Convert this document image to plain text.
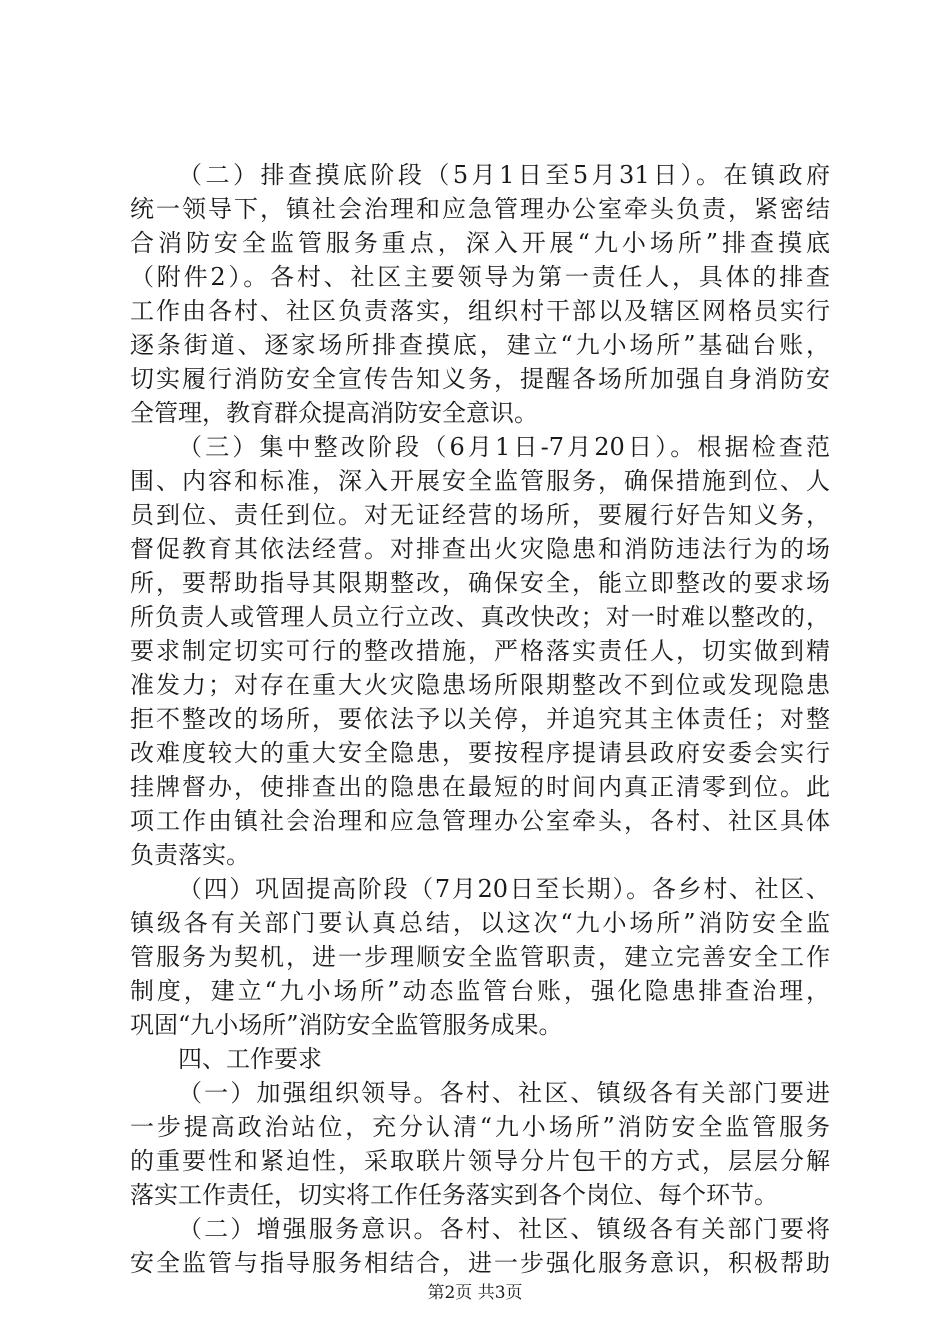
（二）排查摸底阶段（5月1日至5月31日）。在镇政府
统一领导下，镇社会治理和应急管理办公室牵头负责，紧密结
合消防安全监管服务重点，深入开展“九小场所”排查摸底
（附件2）。各村、社区主要领导为第一责任人，具体的排查
工作由各村、社区负责落实，组织村干部以及辖区网格员实行
逐条街道、逐家场所排查摸底，建立“九小场所”基础台账，
切实履行消防安全宣传告知义务，提醒各场所加强自身消防安
全管理，教育群众提高消防安全意识。
（三）集中整改阶段（6月1日-7月20日）。根据检查范
围、内容和标准，深入开展安全监管服务，确保措施到位、人
员到位、责任到位。对无证经营的场所，要履行好告知义务，
督促教育其依法经营。对排查出火灾隐患和消防违法行为的场
所，要帮助指导其限期整改，确保安全，能立即整改的要求场
所负责人或管理人员立行立改、真改快改；对一时难以整改的，
要求制定切实可行的整改措施，严格落实责任人，切实做到精
准发力；对存在重大火灾隐患场所限期整改不到位或发现隐患
拒不整改的场所，要依法予以关停，并追究其主体责任；对整
改难度较大的重大安全隐患，要按程序提请县政府安委会实行
挂牌督办，使排查出的隐患在最短的时间内真正清零到位。此
项工作由镇社会治理和应急管理办公室牵头，各村、社区具体
负责落实。
（四）巩固提高阶段（7月20日至长期）。各乡村、社区、
镇级各有关部门要认真总结，以这次“九小场所”消防安全监
管服务为契机，进一步理顺安全监管职责，建立完善安全工作
制度，建立“九小场所”动态监管台账，强化隐患排查治理，
巩固“九小场所”消防安全监管服务成果。
四、工作要求
（一）加强组织领导。各村、社区、镇级各有关部门要进
一步提高政治站位，充分认清“九小场所”消防安全监管服务
的重要性和紧迫性，采取联片领导分片包干的方式，层层分解
落实工作责任，切实将工作任务落实到各个岗位、每个环节。
（二）增强服务意识。各村、社区、镇级各有关部门要将
安全监管与指导服务相结合，进一步强化服务意识，积极帮助
第2页 共3页
